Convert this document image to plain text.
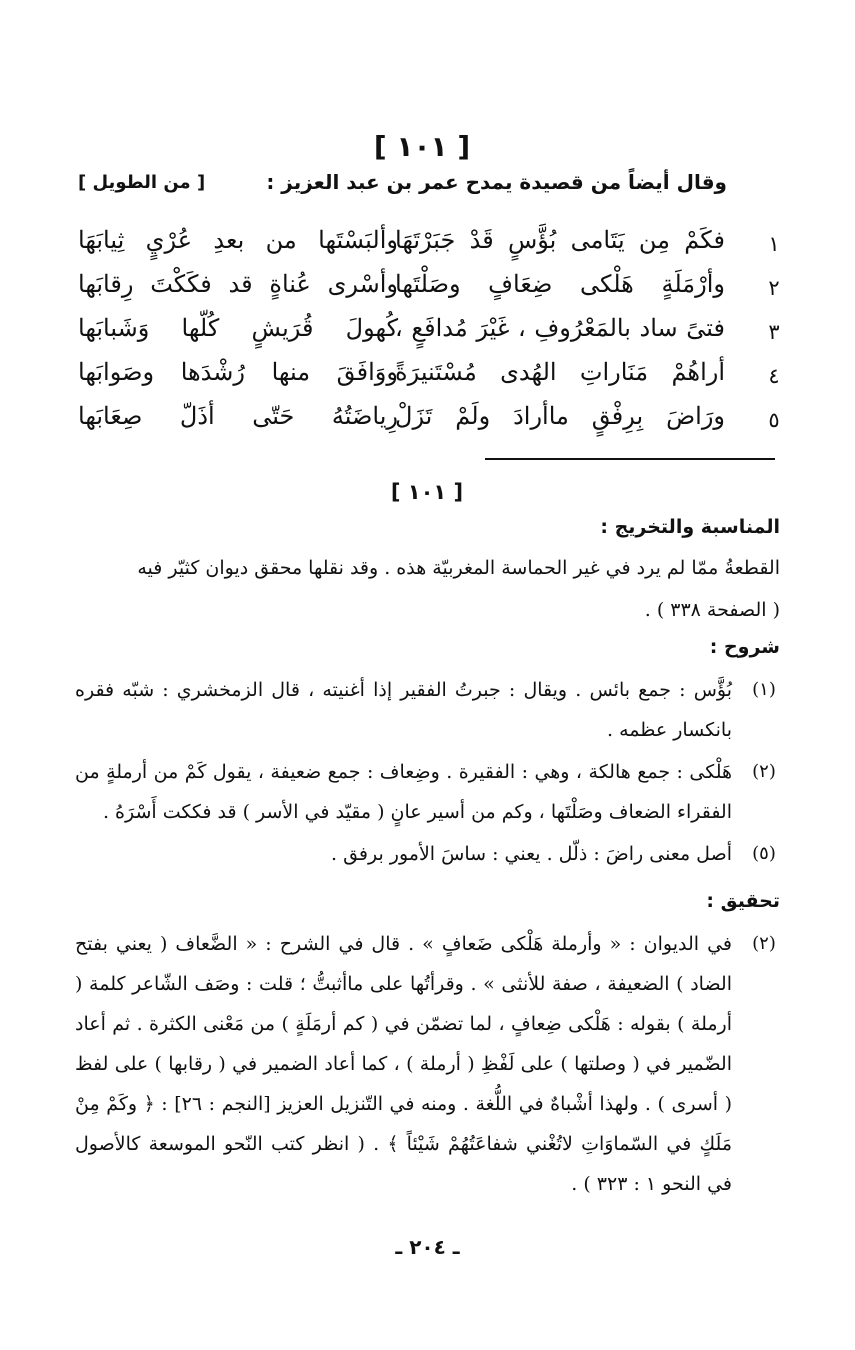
[ ١٠١ ]
وقال أيضاً من قصيدة يمدح عمر بن عبد العزيز :
[ من الطويل ]
١
فكَمْ مِن يَتَامى بُؤَّسٍ قَدْ جَبَرْتَهَا
وألبَسْتَها من بعدِ عُرْيٍ ثِيابَهَا
٢
وأرْمَلَةٍ هَلْكى ضِعَافٍ وصَلْتَها
وأسْرى عُناةٍ قد فكَكْتَ رِقابَها
٣
فتىً ساد بالمَعْرُوفِ ، غَيْرَ مُدافَعٍ ،
كُهولَ قُرَيشٍ كُلّها وَشَبابَها
٤
أراهُمْ مَنَاراتِ الهُدى مُسْتَنيرَةً
ووَافَقَ منها رُشْدَها وصَوابَها
٥
ورَاضَ بِرِفْقٍ ماأرادَ ولَمْ تَزَلْ
رِياضَتُهُ حَتّى أذَلّ صِعَابَها
[ ١٠١ ]
المناسبة والتخريج :
القطعةُ ممّا لم يرد في غير الحماسة المغربيّة هذه . وقد نقلها محقق ديوان كثيّر فيه
( الصفحة ٣٣٨ ) .
شروح :
(١)
بُؤَّس : جمع بائس . ويقال : جبرتُ الفقير إذا أغنيته ، قال الزمخشري : شبّه فقره بانكسار عظمه .
(٢)
هَلْكى : جمع هالكة ، وهي : الفقيرة . وضِعاف : جمع ضعيفة ، يقول كَمْ من أرملةٍ من الفقراء الضعاف وصَلْتَها ، وكم من أسير عانٍ ( مقيّد في الأسر ) قد فككت أَسْرَهُ .
(٥)
أصل معنى راضَ : ذلّل . يعني : ساسَ الأمور برفق .
تحقيق :
(٢)
في الديوان : « وأرملة هَلْكى ضَعافٍ » . قال في الشرح : « الضَّعاف ( يعني بفتح الضاد ) الضعيفة ، صفة للأنثى » . وقرأتُها على ماأثبتُّ ؛ قلت : وصَف الشّاعر كلمة ( أرملة ) بقوله : هَلْكى ضِعافٍ ، لما تضمّن في ( كم أرمَلَةٍ ) من مَعْنى الكثرة . ثم أعاد الضّمير في ( وصلتها ) على لَفْظِ ( أرملة ) ، كما أعاد الضمير في ( رقابها ) على لفظ ( أسرى ) . ولهذا أشْباهٌ في اللُّغة . ومنه في التّنزيل العزيز [النجم : ٢٦] : ﴿ وكَمْ مِنْ مَلَكٍ في السّماوَاتِ لاتُغْني شفاعَتُهُمْ شَيْئاً ﴾ . ( انظر كتب النّحو الموسعة كالأصول في النحو ١ : ٣٢٣ ) .
ـ ٢٠٤ ـ
